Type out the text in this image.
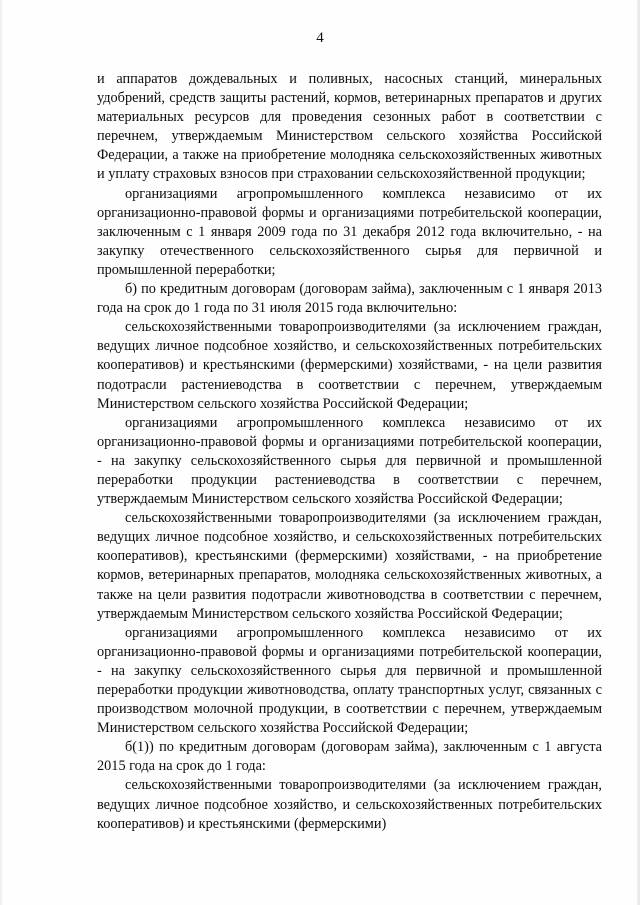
4

и аппаратов дождевальных и поливных, насосных станций, минеральных удобрений, средств защиты растений, кормов, ветеринарных препаратов и других материальных ресурсов для проведения сезонных работ в соответствии с перечнем, утверждаемым Министерством сельского хозяйства Российской Федерации, а также на приобретение молодняка сельскохозяйственных животных и уплату страховых взносов при страховании сельскохозяйственной продукции;

организациями агропромышленного комплекса независимо от их организационно-правовой формы и организациями потребительской кооперации, заключенным с 1 января 2009 года по 31 декабря 2012 года включительно, - на закупку отечественного сельскохозяйственного сырья для первичной и промышленной переработки;

б) по кредитным договорам (договорам займа), заключенным с 1 января 2013 года на срок до 1 года по 31 июля 2015 года включительно:

сельскохозяйственными товаропроизводителями (за исключением граждан, ведущих личное подсобное хозяйство, и сельскохозяйственных потребительских кооперативов) и крестьянскими (фермерскими) хозяйствами, - на цели развития подотрасли растениеводства в соответствии с перечнем, утверждаемым Министерством сельского хозяйства Российской Федерации;

организациями агропромышленного комплекса независимо от их организационно-правовой формы и организациями потребительской кооперации, - на закупку сельскохозяйственного сырья для первичной и промышленной переработки продукции растениеводства в соответствии с перечнем, утверждаемым Министерством сельского хозяйства Российской Федерации;

сельскохозяйственными товаропроизводителями (за исключением граждан, ведущих личное подсобное хозяйство, и сельскохозяйственных потребительских кооперативов), крестьянскими (фермерскими) хозяйствами, - на приобретение кормов, ветеринарных препаратов, молодняка сельскохозяйственных животных, а также на цели развития подотрасли животноводства в соответствии с перечнем, утверждаемым Министерством сельского хозяйства Российской Федерации;

организациями агропромышленного комплекса независимо от их организационно-правовой формы и организациями потребительской кооперации, - на закупку сельскохозяйственного сырья для первичной и промышленной переработки продукции животноводства, оплату транспортных услуг, связанных с производством молочной продукции, в соответствии с перечнем, утверждаемым Министерством сельского хозяйства Российской Федерации;

б(1)) по кредитным договорам (договорам займа), заключенным с 1 августа 2015 года на срок до 1 года:

сельскохозяйственными товаропроизводителями (за исключением граждан, ведущих личное подсобное хозяйство, и сельскохозяйственных потребительских кооперативов) и крестьянскими (фермерскими)
